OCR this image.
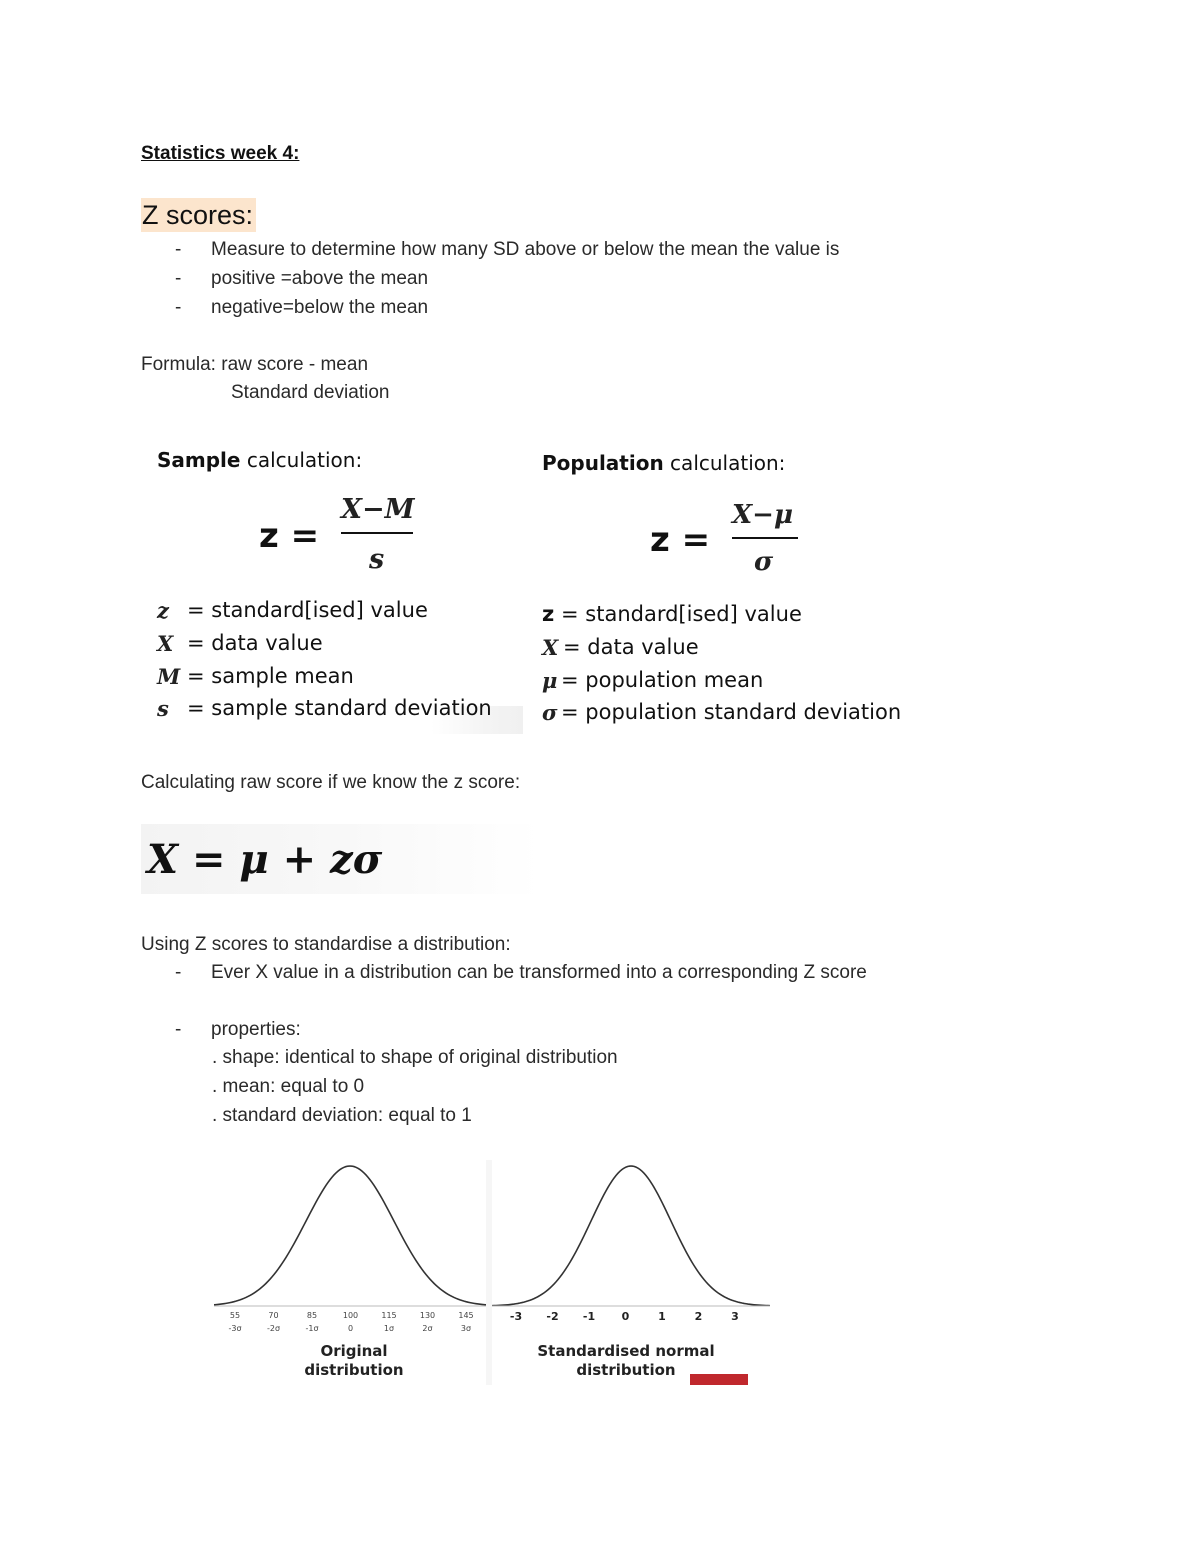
Statistics week 4:
Z scores:
- Measure to determine how many SD above or below the mean the value is
- positive =above the mean
- negative=below the mean
Formula: raw score - mean
Standard deviation
Sample calculation:
z =
X−M
s
z = standard[ised] value
X = data value
M = sample mean
s = sample standard deviation
Population calculation:
z =
X−μ
σ
z = standard[ised] value
X = data value
μ = population mean
σ = population standard deviation
Calculating raw score if we know the z score:
X = μ + zσ
Using Z scores to standardise a distribution:
- Ever X value in a distribution can be transformed into a corresponding Z score
- properties:
. shape: identical to shape of original distribution
. mean: equal to 0
. standard deviation: equal to 1
55	70	85	100	115	130	145
-3σ	-2σ	-1σ	0	1σ	2σ	3σ
Original
distribution
-3 -2 -1 0	1	2	3
Standardised normal
distribution
